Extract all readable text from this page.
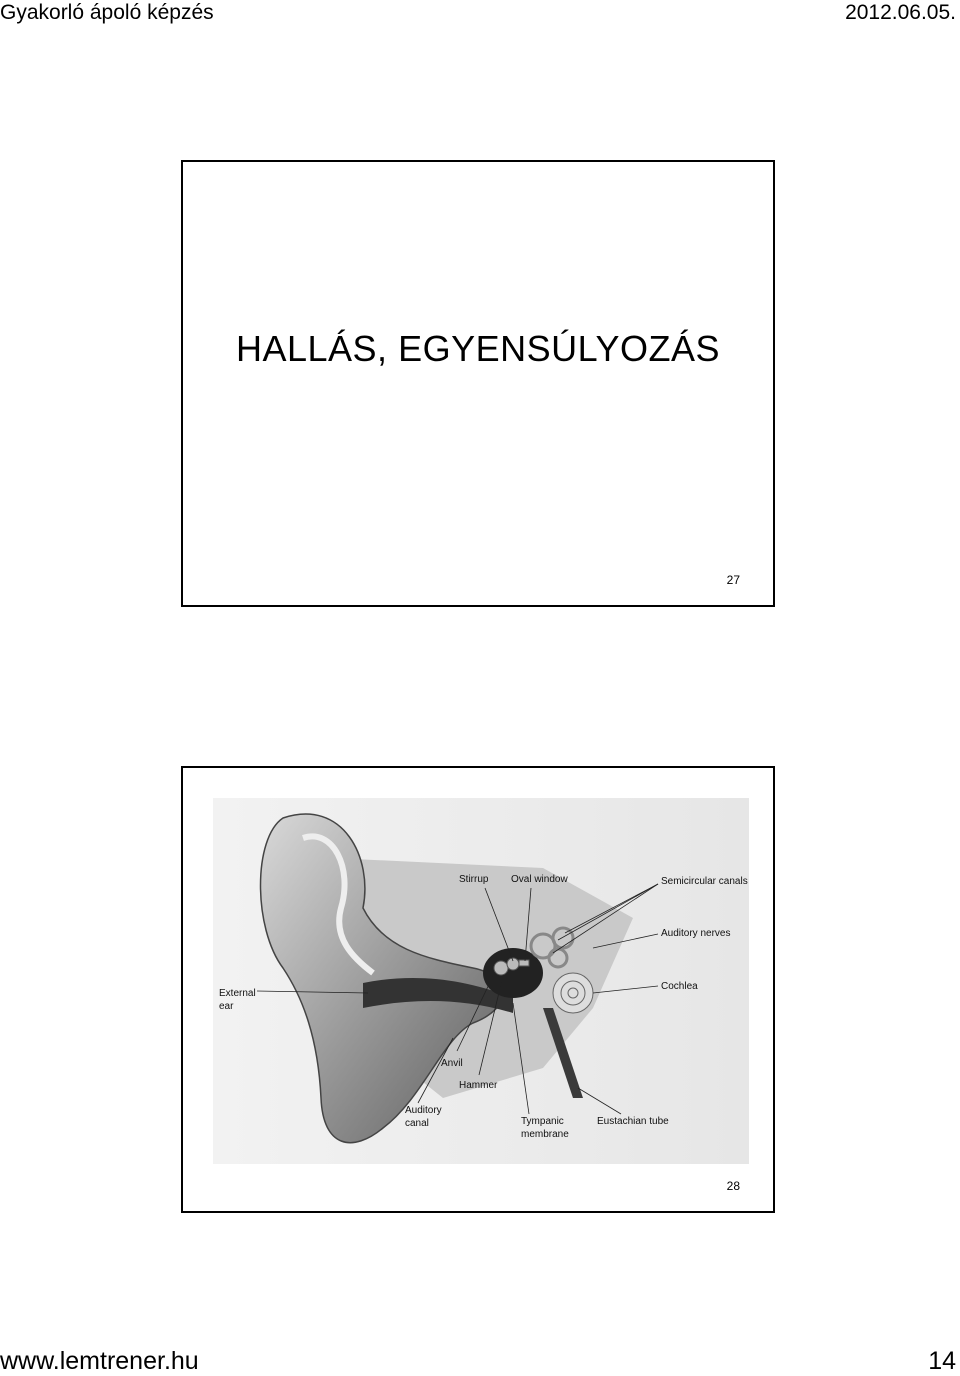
Gyakorló ápoló képzés	2012.06.05.
HALLÁS, EGYENSÚLYOZÁS
27
Stirrup Oval window	Semicircular canals
Auditory nerves
Cochlea
External
ear
Anvil
Hammer
Auditory
canal	Tympanic
membrane
Eustachian tube
28
www.lemtrener.hu	14
